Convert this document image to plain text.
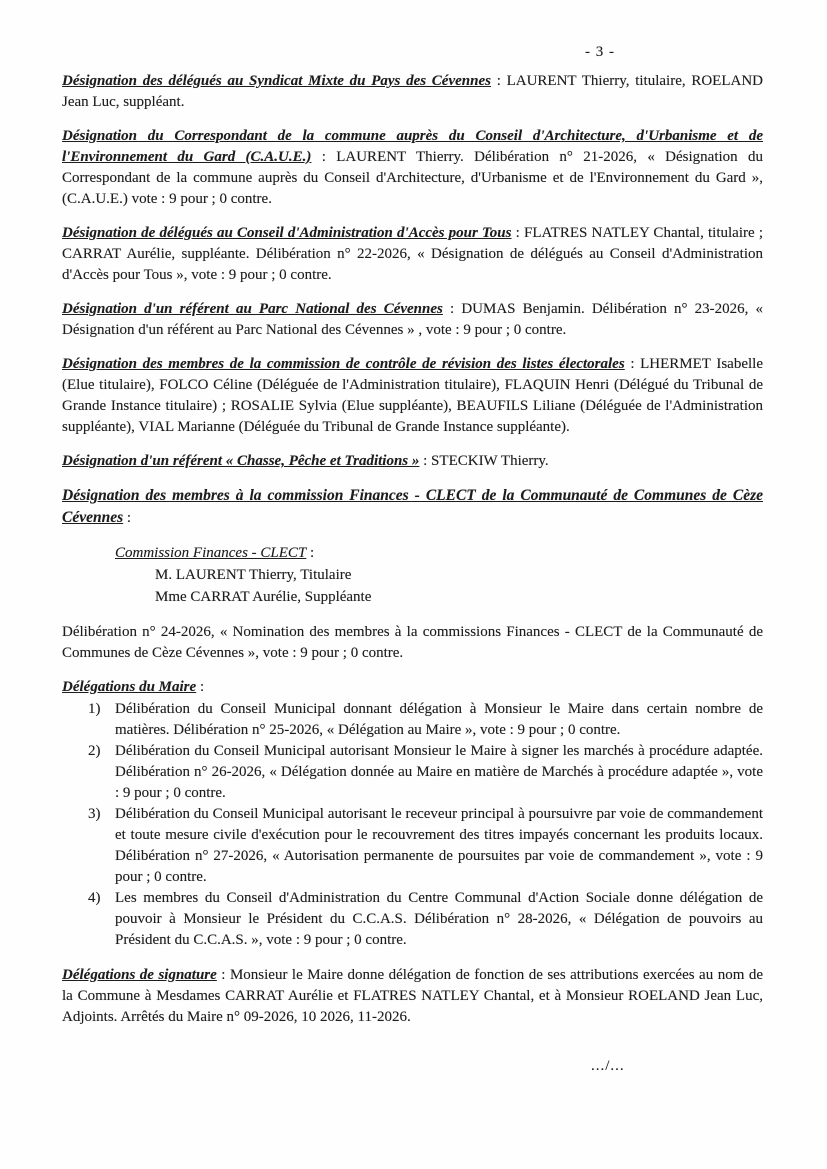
- 3 -

Désignation des délégués au Syndicat Mixte du Pays des Cévennes : LAURENT Thierry, titulaire, ROELAND Jean Luc, suppléant.

Désignation du Correspondant de la commune auprès du Conseil d'Architecture, d'Urbanisme et de l'Environnement du Gard (C.A.U.E.) : LAURENT Thierry. Délibération n° 21-2026, « Désignation du Correspondant de la commune auprès du Conseil d'Architecture, d'Urbanisme et de l'Environnement du Gard », (C.A.U.E.) vote : 9 pour ; 0 contre.

Désignation de délégués au Conseil d'Administration d'Accès pour Tous : FLATRES NATLEY Chantal, titulaire ; CARRAT Aurélie, suppléante. Délibération n° 22-2026, « Désignation de délégués au Conseil d'Administration d'Accès pour Tous », vote : 9 pour ; 0 contre.

Désignation d'un référent au Parc National des Cévennes : DUMAS Benjamin. Délibération n° 23-2026, « Désignation d'un référent au Parc National des Cévennes » , vote : 9 pour ; 0 contre.

Désignation des membres de la commission de contrôle de révision des listes électorales : LHERMET Isabelle (Elue titulaire), FOLCO Céline (Déléguée de l'Administration titulaire), FLAQUIN Henri (Délégué du Tribunal de Grande Instance titulaire) ; ROSALIE Sylvia (Elue suppléante), BEAUFILS Liliane (Déléguée de l'Administration suppléante), VIAL Marianne (Déléguée du Tribunal de Grande Instance suppléante).

Désignation d'un référent « Chasse, Pêche et Traditions » : STECKIW Thierry.

Désignation des membres à la commission Finances - CLECT de la Communauté de Communes de Cèze Cévennes :

Commission Finances - CLECT :
M. LAURENT Thierry, Titulaire
Mme CARRAT Aurélie, Suppléante

Délibération n° 24-2026, « Nomination des membres à la commissions Finances - CLECT de la Communauté de Communes de Cèze Cévennes », vote : 9 pour ; 0 contre.

Délégations du Maire :

1) Délibération du Conseil Municipal donnant délégation à Monsieur le Maire dans certain nombre de matières. Délibération n° 25-2026, « Délégation au Maire », vote : 9 pour ; 0 contre.
2) Délibération du Conseil Municipal autorisant Monsieur le Maire à signer les marchés à procédure adaptée. Délibération n° 26-2026, « Délégation donnée au Maire en matière de Marchés à procédure adaptée », vote : 9 pour ; 0 contre.
3) Délibération du Conseil Municipal autorisant le receveur principal à poursuivre par voie de commandement et toute mesure civile d'exécution pour le recouvrement des titres impayés concernant les produits locaux. Délibération n° 27-2026, « Autorisation permanente de poursuites par voie de commandement », vote : 9 pour ; 0 contre.
4) Les membres du Conseil d'Administration du Centre Communal d'Action Sociale donne délégation de pouvoir à Monsieur le Président du C.C.A.S. Délibération n° 28-2026, « Délégation de pouvoirs au Président du C.C.A.S. », vote : 9 pour ; 0 contre.

Délégations de signature : Monsieur le Maire donne délégation de fonction de ses attributions exercées au nom de la Commune à Mesdames CARRAT Aurélie et FLATRES NATLEY Chantal, et à Monsieur ROELAND Jean Luc, Adjoints. Arrêtés du Maire n° 09-2026, 10 2026, 11-2026.

.../...
